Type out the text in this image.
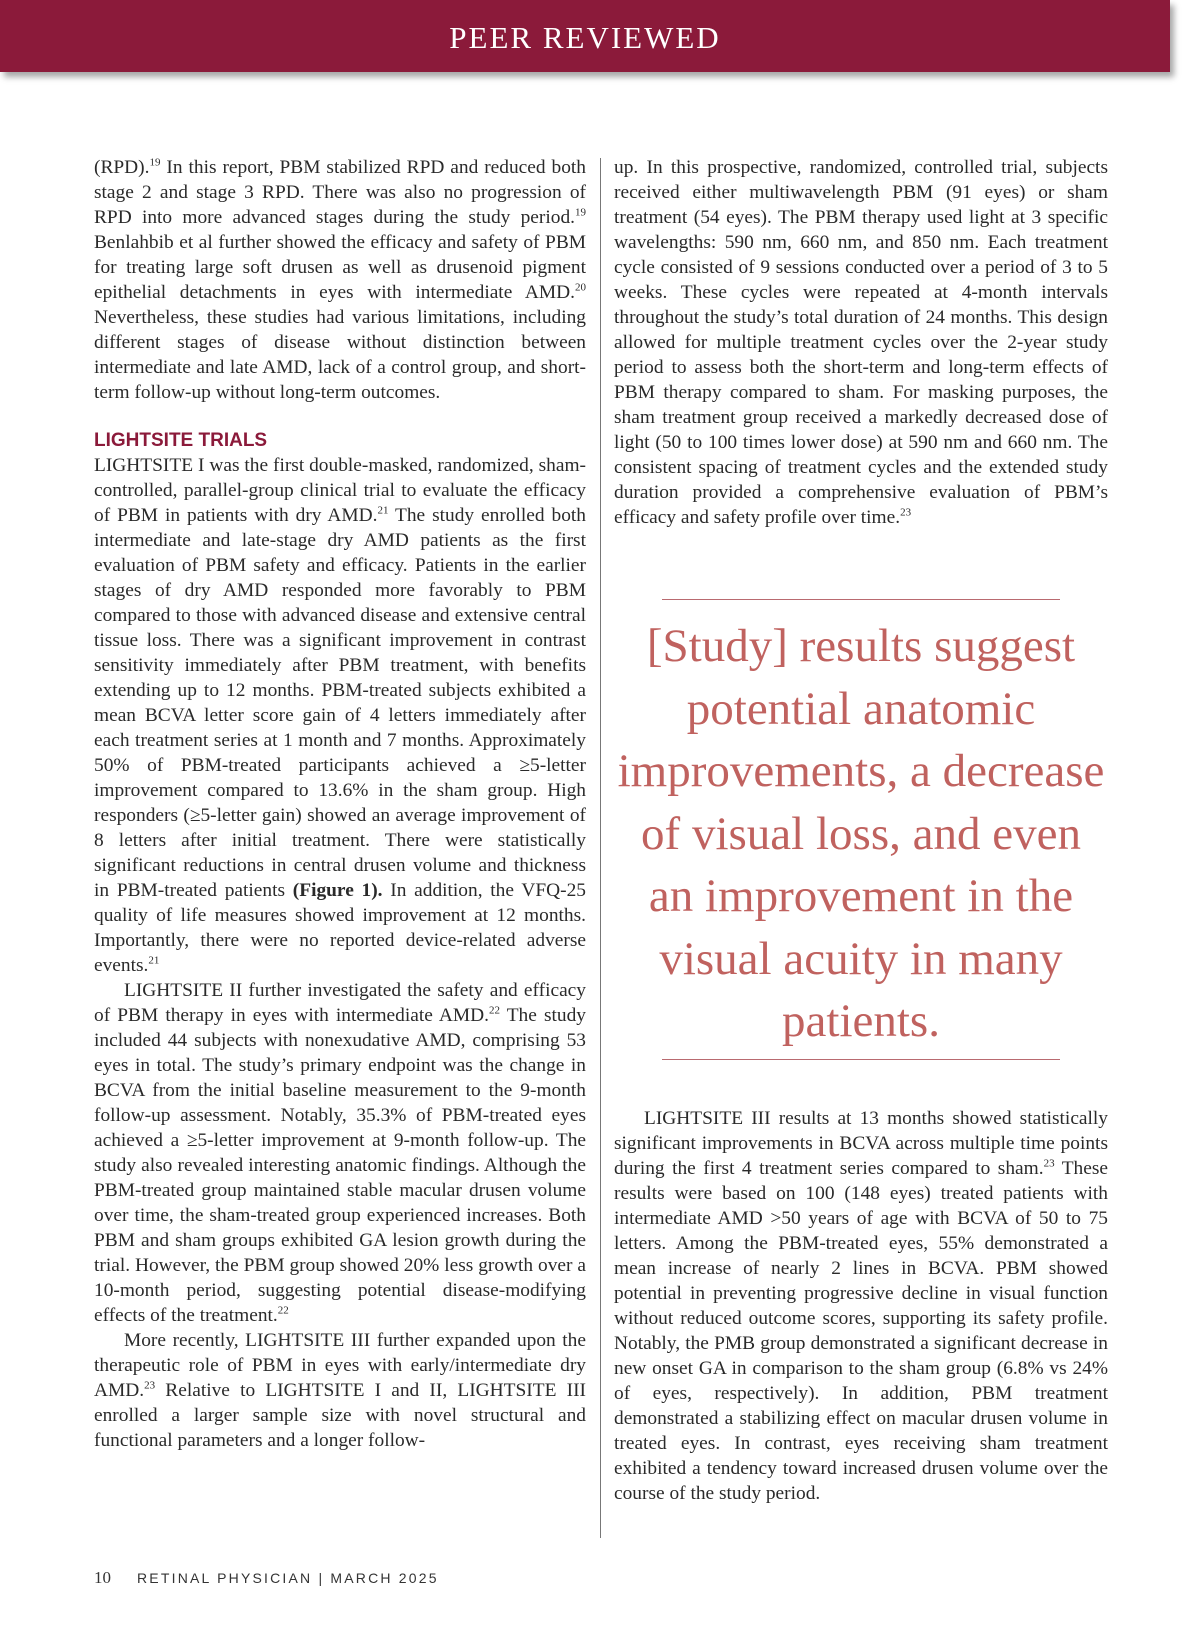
PEER REVIEWED

(RPD).$^{19}$ In this report, PBM stabilized RPD and reduced both stage 2 and stage 3 RPD. There was also no progression of RPD into more advanced stages during the study period.$^{19}$ Benlahbib et al further showed the efficacy and safety of PBM for treating large soft drusen as well as drusenoid pigment epithelial detachments in eyes with intermediate AMD.$^{20}$ Nevertheless, these studies had various limitations, including different stages of disease without distinction between intermediate and late AMD, lack of a control group, and short-term follow-up without long-term outcomes.

LIGHTSITE TRIALS

LIGHTSITE I was the first double-masked, randomized, sham-controlled, parallel-group clinical trial to evaluate the efficacy of PBM in patients with dry AMD.$^{21}$ The study enrolled both intermediate and late-stage dry AMD patients as the first evaluation of PBM safety and efficacy. Patients in the earlier stages of dry AMD responded more favorably to PBM compared to those with advanced disease and extensive central tissue loss. There was a significant improvement in contrast sensitivity immediately after PBM treatment, with benefits extending up to 12 months. PBM-treated subjects exhibited a mean BCVA letter score gain of 4 letters immediately after each treatment series at 1 month and 7 months. Approximately 50% of PBM-treated participants achieved a ≥5-letter improvement compared to 13.6% in the sham group. High responders (≥5-letter gain) showed an average improvement of 8 letters after initial treatment. There were statistically significant reductions in central drusen volume and thickness in PBM-treated patients (Figure 1). In addition, the VFQ-25 quality of life measures showed improvement at 12 months. Importantly, there were no reported device-related adverse events.$^{21}$

LIGHTSITE II further investigated the safety and efficacy of PBM therapy in eyes with intermediate AMD.$^{22}$ The study included 44 subjects with nonexudative AMD, comprising 53 eyes in total. The study’s primary endpoint was the change in BCVA from the initial baseline measurement to the 9-month follow-up assessment. Notably, 35.3% of PBM-treated eyes achieved a ≥5-letter improvement at 9-month follow-up. The study also revealed interesting anatomic findings. Although the PBM-treated group maintained stable macular drusen volume over time, the sham-treated group experienced increases. Both PBM and sham groups exhibited GA lesion growth during the trial. However, the PBM group showed 20% less growth over a 10-month period, suggesting potential disease-modifying effects of the treatment.$^{22}$

More recently, LIGHTSITE III further expanded upon the therapeutic role of PBM in eyes with early/intermediate dry AMD.$^{23}$ Relative to LIGHTSITE I and II, LIGHTSITE III enrolled a larger sample size with novel structural and functional parameters and a longer follow-

up. In this prospective, randomized, controlled trial, subjects received either multiwavelength PBM (91 eyes) or sham treatment (54 eyes). The PBM therapy used light at 3 specific wavelengths: 590 nm, 660 nm, and 850 nm. Each treatment cycle consisted of 9 sessions conducted over a period of 3 to 5 weeks. These cycles were repeated at 4-month intervals throughout the study’s total duration of 24 months. This design allowed for multiple treatment cycles over the 2-year study period to assess both the short-term and long-term effects of PBM therapy compared to sham. For masking purposes, the sham treatment group received a markedly decreased dose of light (50 to 100 times lower dose) at 590 nm and 660 nm. The consistent spacing of treatment cycles and the extended study duration provided a comprehensive evaluation of PBM’s efficacy and safety profile over time.$^{23}$

[Study] results suggest potential anatomic improvements, a decrease of visual loss, and even an improvement in the visual acuity in many patients.

LIGHTSITE III results at 13 months showed statistically significant improvements in BCVA across multiple time points during the first 4 treatment series compared to sham.$^{23}$ These results were based on 100 (148 eyes) treated patients with intermediate AMD >50 years of age with BCVA of 50 to 75 letters. Among the PBM-treated eyes, 55% demonstrated a mean increase of nearly 2 lines in BCVA. PBM showed potential in preventing progressive decline in visual function without reduced outcome scores, supporting its safety profile. Notably, the PMB group demonstrated a significant decrease in new onset GA in comparison to the sham group (6.8% vs 24% of eyes, respectively). In addition, PBM treatment demonstrated a stabilizing effect on macular drusen volume in treated eyes. In contrast, eyes receiving sham treatment exhibited a tendency toward increased drusen volume over the course of the study period.

10 RETINAL PHYSICIAN | MARCH 2025
